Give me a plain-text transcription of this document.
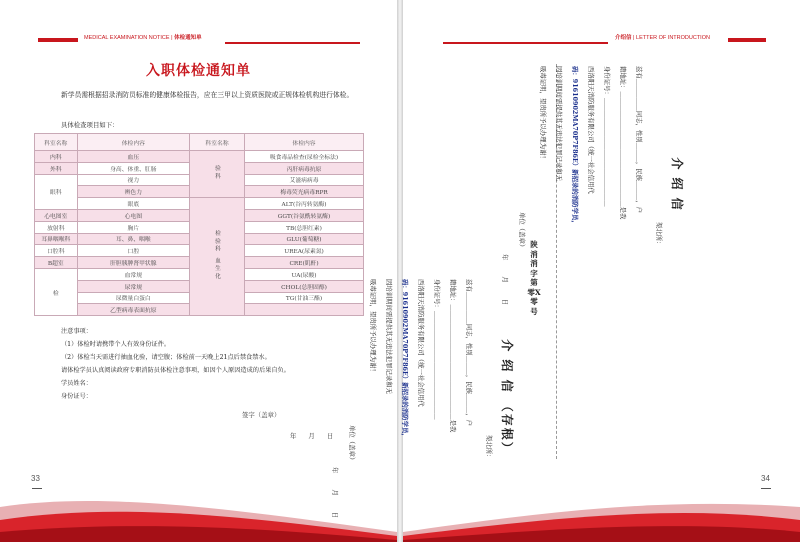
MEDICAL EXAMINATION NOTICE | 体检通知单
入职体检通知单
新学员需根据招录消防员标准的健康体检报告，应在三甲以上资质医院或正规体检机构进行体检。
具体检查项目如下：
科室名称	体检内容	科室名称	体检内容
内科	血压	验科	吸食毒品检查(尿检全标法)
外科	身高、体重、肛肠		丙肝病毒抗原
眼科	视力		艾滋病病毒
	辨色力		梅毒荧光病毒RPR
	眼底	检验科 血生化	ALT(谷丙转氨酶)
心电图室	心电图		GGT(谷氨酰转氨酶)
放射科	胸片		TB(总胆红素)
耳鼻咽喉科	耳、鼻、咽喉		GLU(葡萄糖)
口腔科	口腔		UREA(尿素氮)
B超室	肝胆胰脾肾甲状腺		CRE(肌酐)
检	血常规		UA(尿酸)
	尿常规		CHOL(总胆固醇)
	尿微量白蛋白		TG(甘油三酯)
	乙型病毒表面抗原		
注意事项：
（1）体检时请携带个人有效身份证件。
（2）体检当天需进行抽血化验，请空腹；体检前一天晚上21点后禁食禁水。
请体检学员认真阅读政府专职消防员体检注意事项，如因个人原因造成的后果自负。
学员姓名：
身份证号：
签字（盖章）
年 月 日
33
介绍信 | LETTER OF INTRODUCTION
34
介 绍 信
渠北所：
兹有＿＿＿＿＿同志，性别＿＿＿，民族＿＿＿，户
籍地址：＿＿＿＿＿＿＿＿＿＿＿＿＿＿＿＿＿＿是我
身份证号：＿＿＿＿＿＿＿＿＿＿＿＿＿＿＿＿＿
西洛阳天消防服务有限公司（统一社会信用代
码：91610902MA70P7F86E）新招录的消防学员，
因培训期间需提供其无违法犯罪记录和无
吸毒证明，望贵所予以办理为谢！
单位（盖章）
年 月 日
陕消消字第零X零号
介 绍 信 （存根）
渠北所：
兹有＿＿＿＿＿同志，性别＿＿＿，民族＿＿＿，户
籍地址：＿＿＿＿＿＿＿＿＿＿＿＿＿＿＿＿＿＿是我
身份证号：＿＿＿＿＿＿＿＿＿＿＿＿＿＿＿＿＿
西洛阳天消防服务有限公司（统一社会信用代
码：91610902MA70P7F86E）新招录的消防学员，
因培训期间需提供其无违法犯罪记录和无
吸毒证明，望贵所予以办理为谢！
单位（盖章）
年 月 日
